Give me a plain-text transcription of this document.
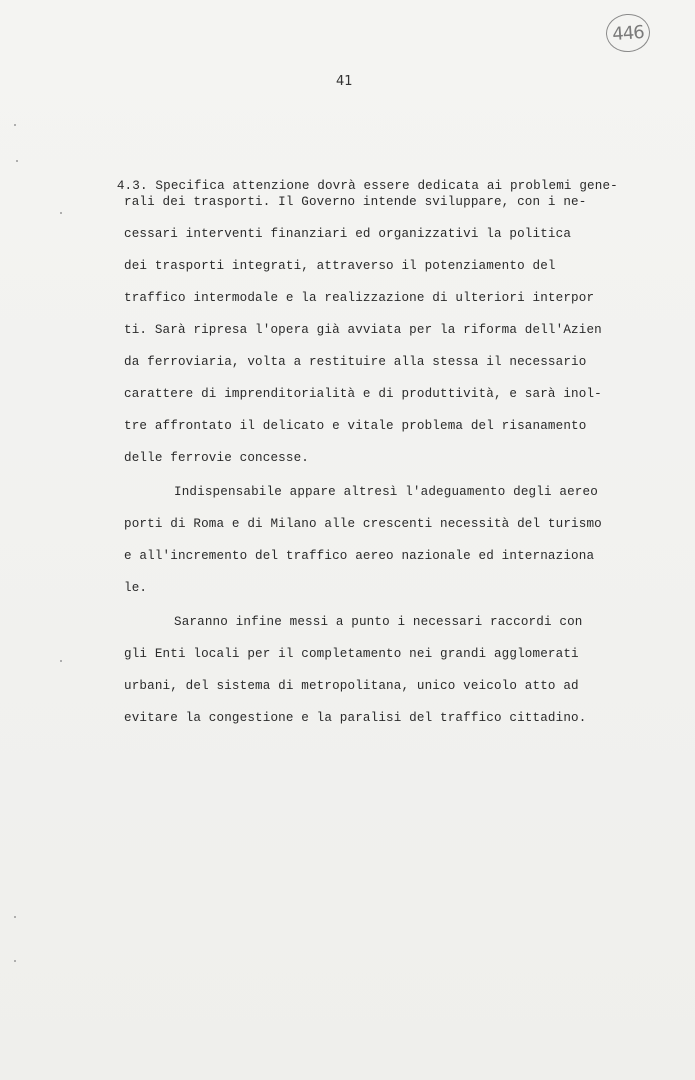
446
41

4.3. Specifica attenzione dovrà essere dedicata ai problemi gene-

rali dei trasporti. Il Governo intende sviluppare, con i ne-
cessari interventi finanziari ed organizzativi la politica
dei trasporti integrati, attraverso il potenziamento del
traffico intermodale e la realizzazione di ulteriori interpor
ti. Sarà ripresa l'opera già avviata per la riforma dell'Azien
da ferroviaria, volta a restituire alla stessa il necessario
carattere di imprenditorialità e di produttività, e sarà inol-
tre affrontato il delicato e vitale problema del risanamento
delle ferrovie concesse.
Indispensabile appare altresì l'adeguamento degli aereo
porti di Roma e di Milano alle crescenti necessità del turismo
e all'incremento del traffico aereo nazionale ed internaziona
le.
Saranno infine messi a punto i necessari raccordi con
gli Enti locali per il completamento nei grandi agglomerati
urbani, del sistema di metropolitana, unico veicolo atto ad
evitare la congestione e la paralisi del traffico cittadino.
